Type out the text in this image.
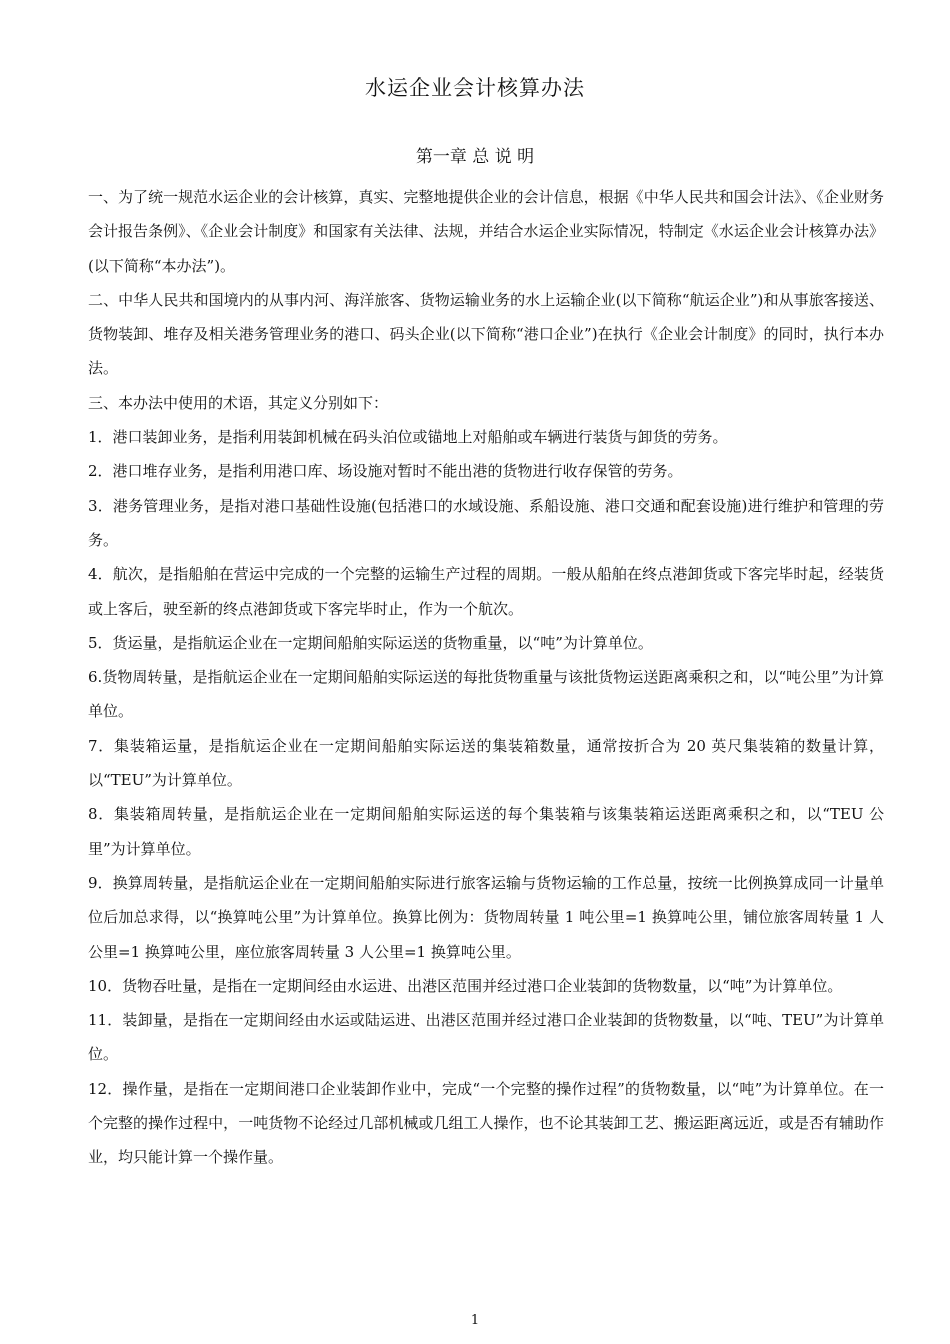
水运企业会计核算办法
第一章 总 说 明

一、为了统一规范水运企业的会计核算，真实、完整地提供企业的会计信息，根据《中华人民共和国会计法》、《企业财务会计报告条例》、《企业会计制度》和国家有关法律、法规，并结合水运企业实际情况，特制定《水运企业会计核算办法》(以下简称“本办法”)。

二、中华人民共和国境内的从事内河、海洋旅客、货物运输业务的水上运输企业(以下简称“航运企业”)和从事旅客接送、货物装卸、堆存及相关港务管理业务的港口、码头企业(以下简称“港口企业”)在执行《企业会计制度》的同时，执行本办法。

三、本办法中使用的术语，其定义分别如下：

1．港口装卸业务，是指利用装卸机械在码头泊位或锚地上对船舶或车辆进行装货与卸货的劳务。

2．港口堆存业务，是指利用港口库、场设施对暂时不能出港的货物进行收存保管的劳务。

3．港务管理业务，是指对港口基础性设施(包括港口的水域设施、系船设施、港口交通和配套设施)进行维护和管理的劳务。

4．航次，是指船舶在营运中完成的一个完整的运输生产过程的周期。一般从船舶在终点港卸货或下客完毕时起，经装货或上客后，驶至新的终点港卸货或下客完毕时止，作为一个航次。

5．货运量，是指航运企业在一定期间船舶实际运送的货物重量，以“吨”为计算单位。

6.货物周转量，是指航运企业在一定期间船舶实际运送的每批货物重量与该批货物运送距离乘积之和，以“吨公里”为计算单位。

7．集装箱运量，是指航运企业在一定期间船舶实际运送的集装箱数量，通常按折合为 20 英尺集装箱的数量计算，以“TEU”为计算单位。

8．集装箱周转量，是指航运企业在一定期间船舶实际运送的每个集装箱与该集装箱运送距离乘积之和，以“TEU 公里”为计算单位。

9．换算周转量，是指航运企业在一定期间船舶实际进行旅客运输与货物运输的工作总量，按统一比例换算成同一计量单位后加总求得，以“换算吨公里”为计算单位。换算比例为：货物周转量 1 吨公里=1 换算吨公里，铺位旅客周转量 1 人公里=1 换算吨公里，座位旅客周转量 3 人公里=1 换算吨公里。

10．货物吞吐量，是指在一定期间经由水运进、出港区范围并经过港口企业装卸的货物数量，以“吨”为计算单位。

11．装卸量，是指在一定期间经由水运或陆运进、出港区范围并经过港口企业装卸的货物数量，以“吨、TEU”为计算单位。

12．操作量，是指在一定期间港口企业装卸作业中，完成“一个完整的操作过程”的货物数量，以“吨”为计算单位。在一个完整的操作过程中，一吨货物不论经过几部机械或几组工人操作，也不论其装卸工艺、搬运距离远近，或是否有辅助作业，均只能计算一个操作量。

1
